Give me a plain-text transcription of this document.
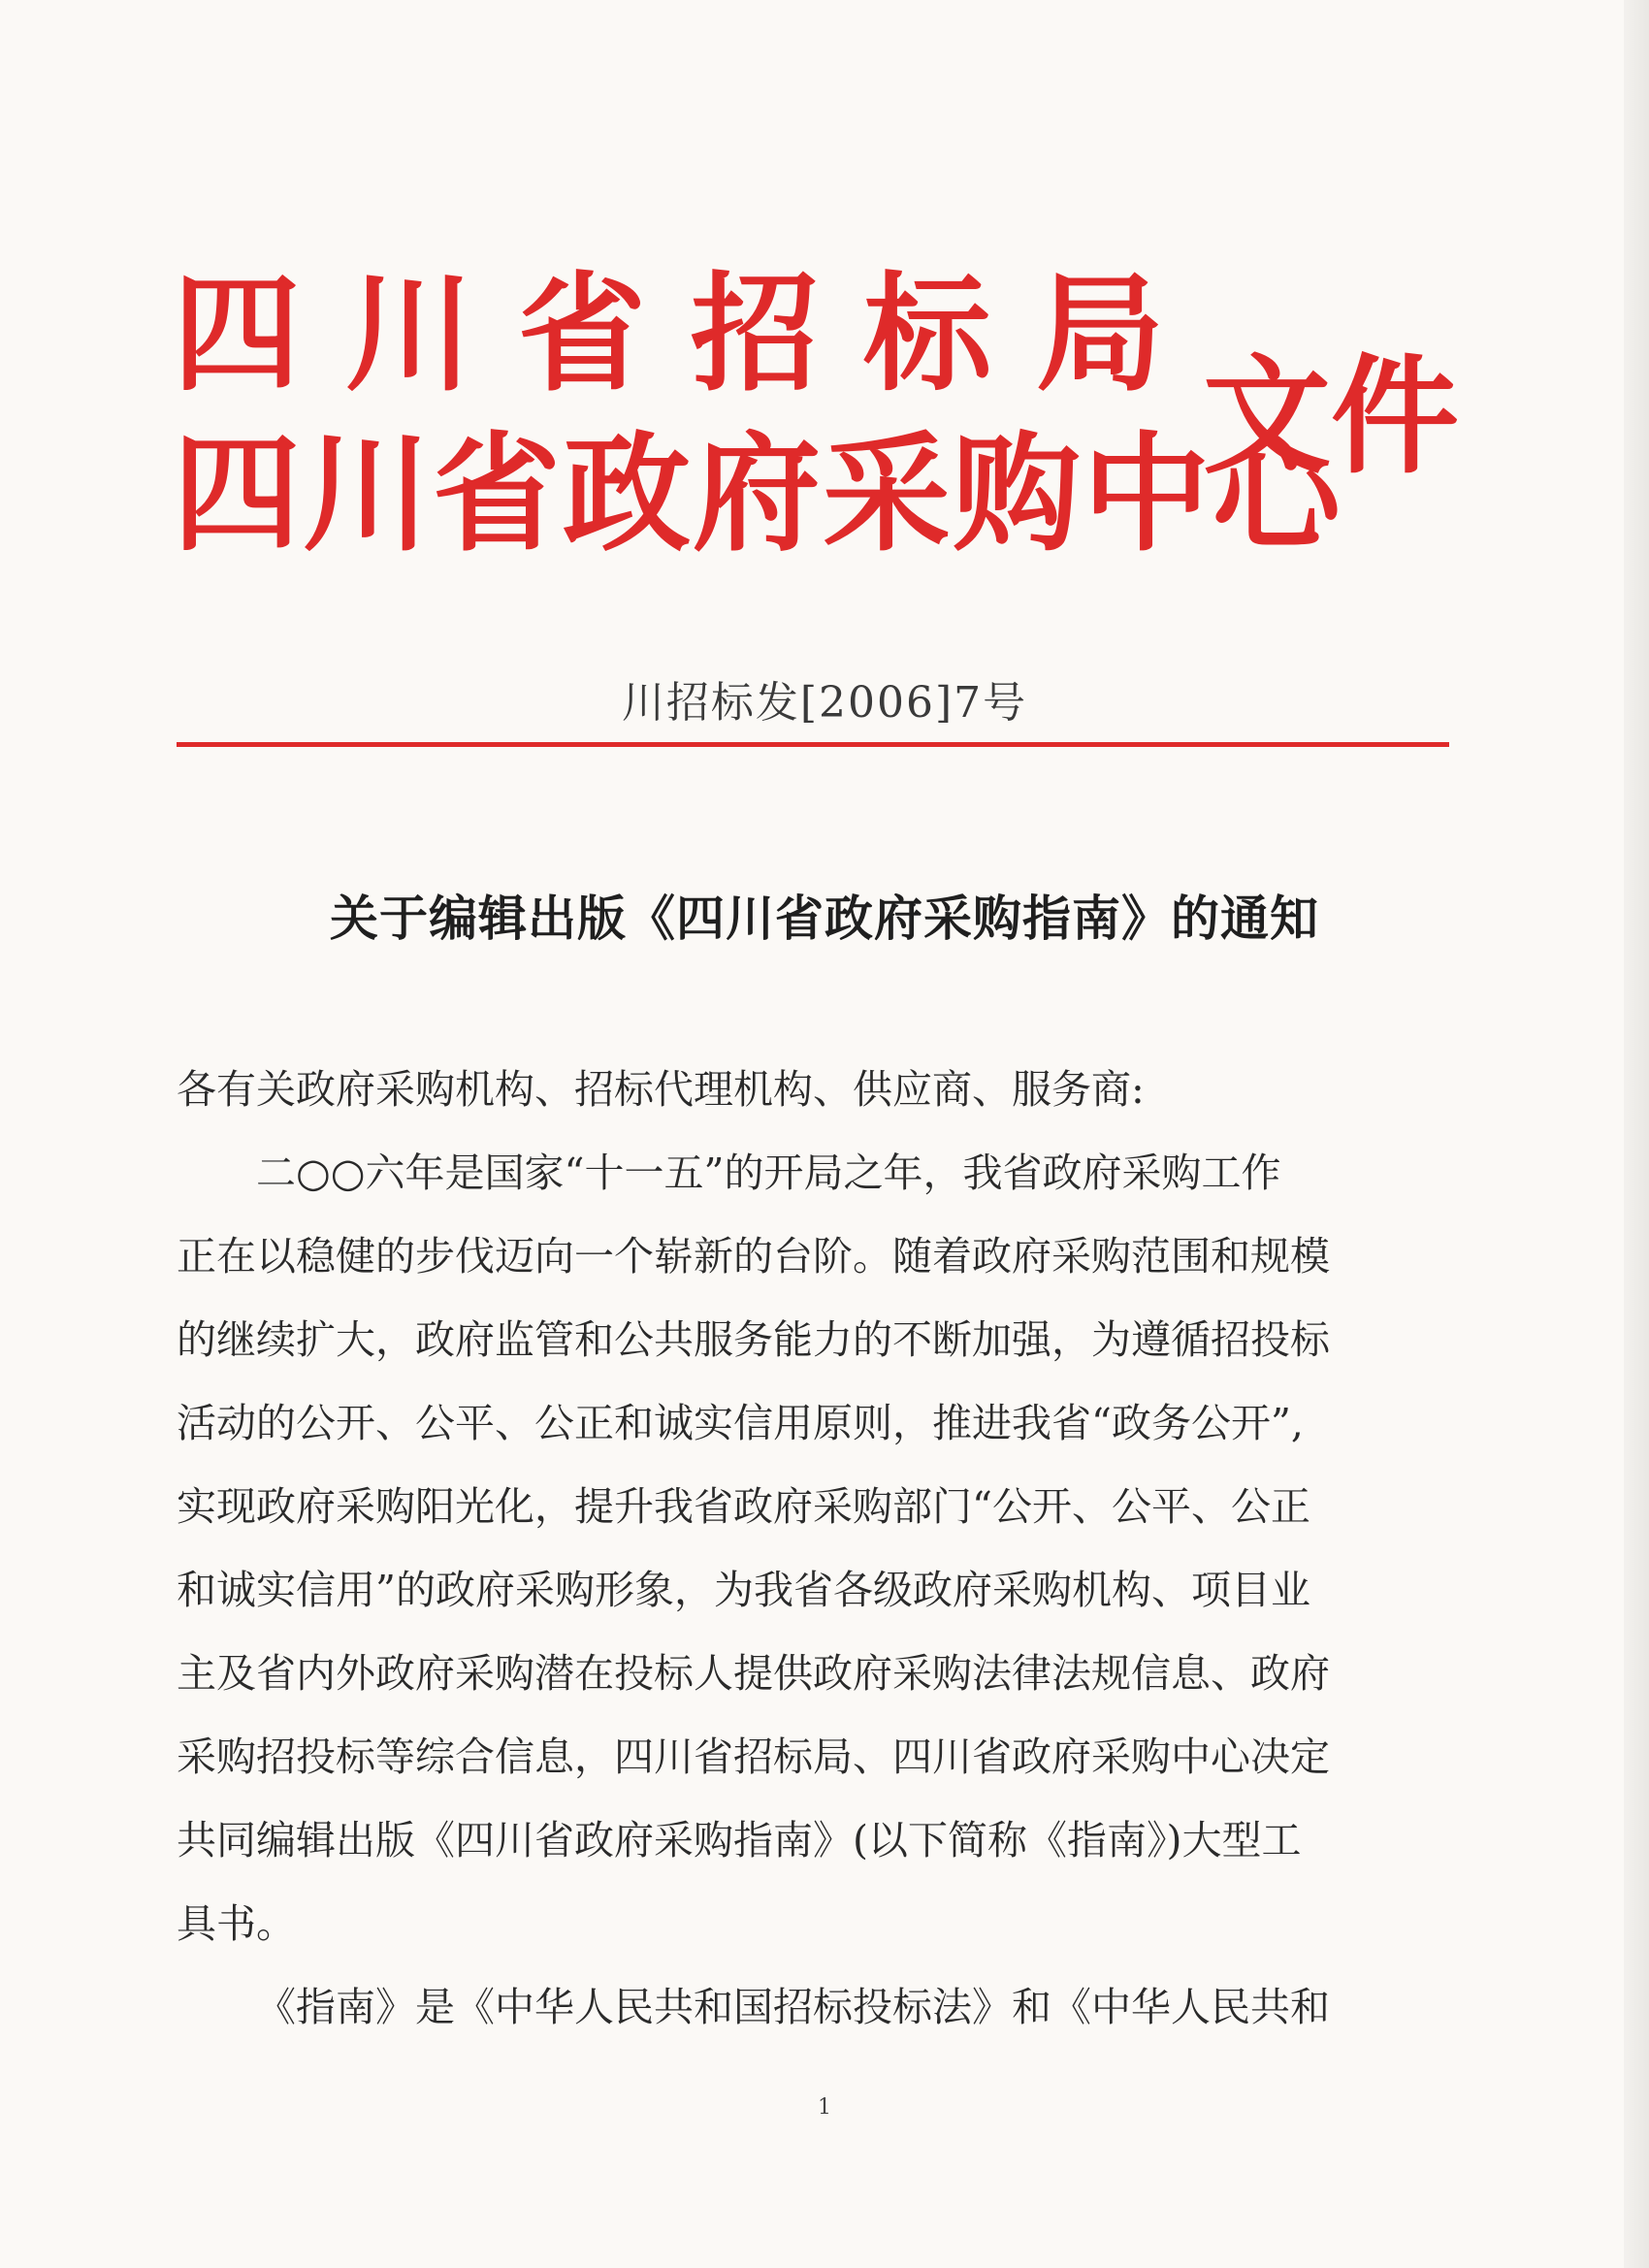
四川省招标局
四川省政府采购中心
文件
川招标发[2006]7号
关于编辑出版《四川省政府采购指南》的通知
各有关政府采购机构、招标代理机构、供应商、服务商:
二○○六年是国家“十一五”的开局之年，我省政府采购工作
正在以稳健的步伐迈向一个崭新的台阶。随着政府采购范围和规模
的继续扩大，政府监管和公共服务能力的不断加强，为遵循招投标
活动的公开、公平、公正和诚实信用原则，推进我省“政务公开”,
实现政府采购阳光化，提升我省政府采购部门“公开、公平、公正
和诚实信用”的政府采购形象，为我省各级政府采购机构、项目业
主及省内外政府采购潜在投标人提供政府采购法律法规信息、政府
采购招投标等综合信息，四川省招标局、四川省政府采购中心决定
共同编辑出版《四川省政府采购指南》(以下简称《指南》)大型工
具书。
《指南》是《中华人民共和国招标投标法》和《中华人民共和
1
